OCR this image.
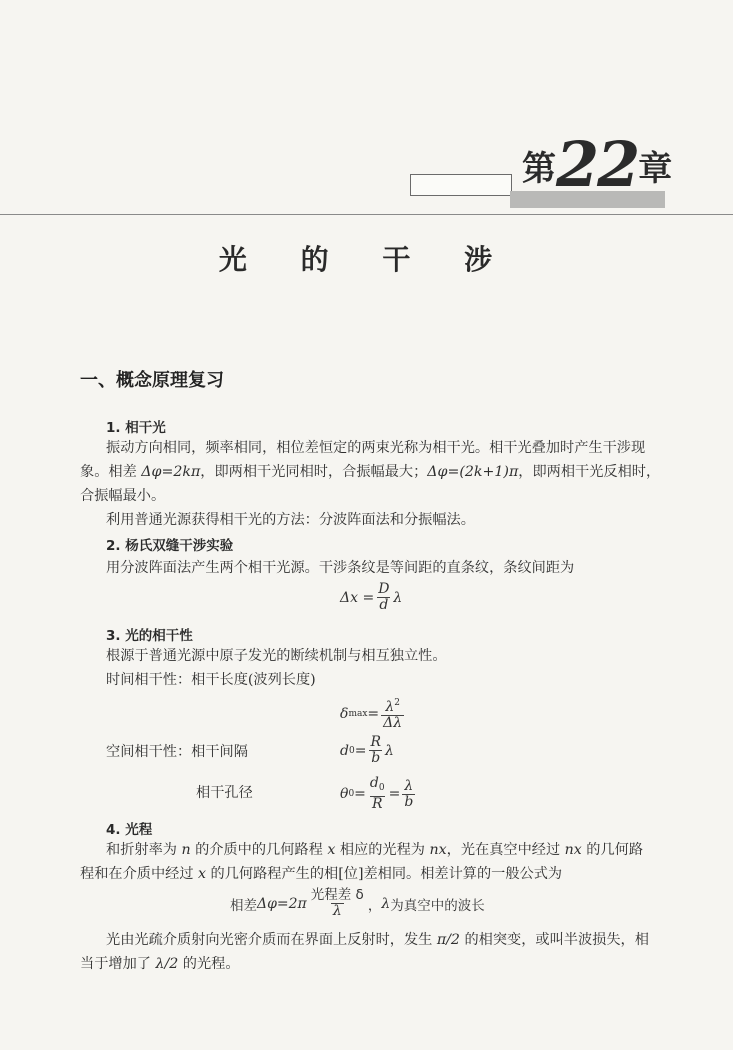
第22章
光 的 干 涉
一、概念原理复习
1. 相干光
振动方向相同，频率相同，相位差恒定的两束光称为相干光。相干光叠加时产生干涉现
象。相差 Δφ=2kπ，即两相干光同相时，合振幅最大；Δφ=(2k+1)π，即两相干光反相时，
合振幅最小。
利用普通光源获得相干光的方法：分波阵面法和分振幅法。
2. 杨氏双缝干涉实验
用分波阵面法产生两个相干光源。干涉条纹是等间距的直条纹，条纹间距为
$\Delta x = \frac{D}{d}$ λ
3. 光的相干性
根源于普通光源中原子发光的断续机制与相互独立性。
时间相干性：相干长度(波列长度)
δ $\max = \frac{\lambda^2}{\Delta\lambda}$
空间相干性：相干间隔	d $0 = \frac{R}{b}$ λ
相干孔径	θ $0 = \frac{d_0}{R} = \frac{\lambda}{b}$
4. 光程
和折射率为 n 的介质中的几何路程 x 相应的光程为 nx，光在真空中经过 nx 的几何路
程和在介质中经过 x 的几何路程产生的相[位]差相同。相差计算的一般公式为
相差 $\Delta\varphi=2\pi \frac{\text{光程差 δ}}{\lambda}$ ， λ 为真空中的波长
光由光疏介质射向光密介质而在界面上反射时，发生 π/2 的相突变，或叫半波损失，相
当于增加了 λ/2 的光程。
